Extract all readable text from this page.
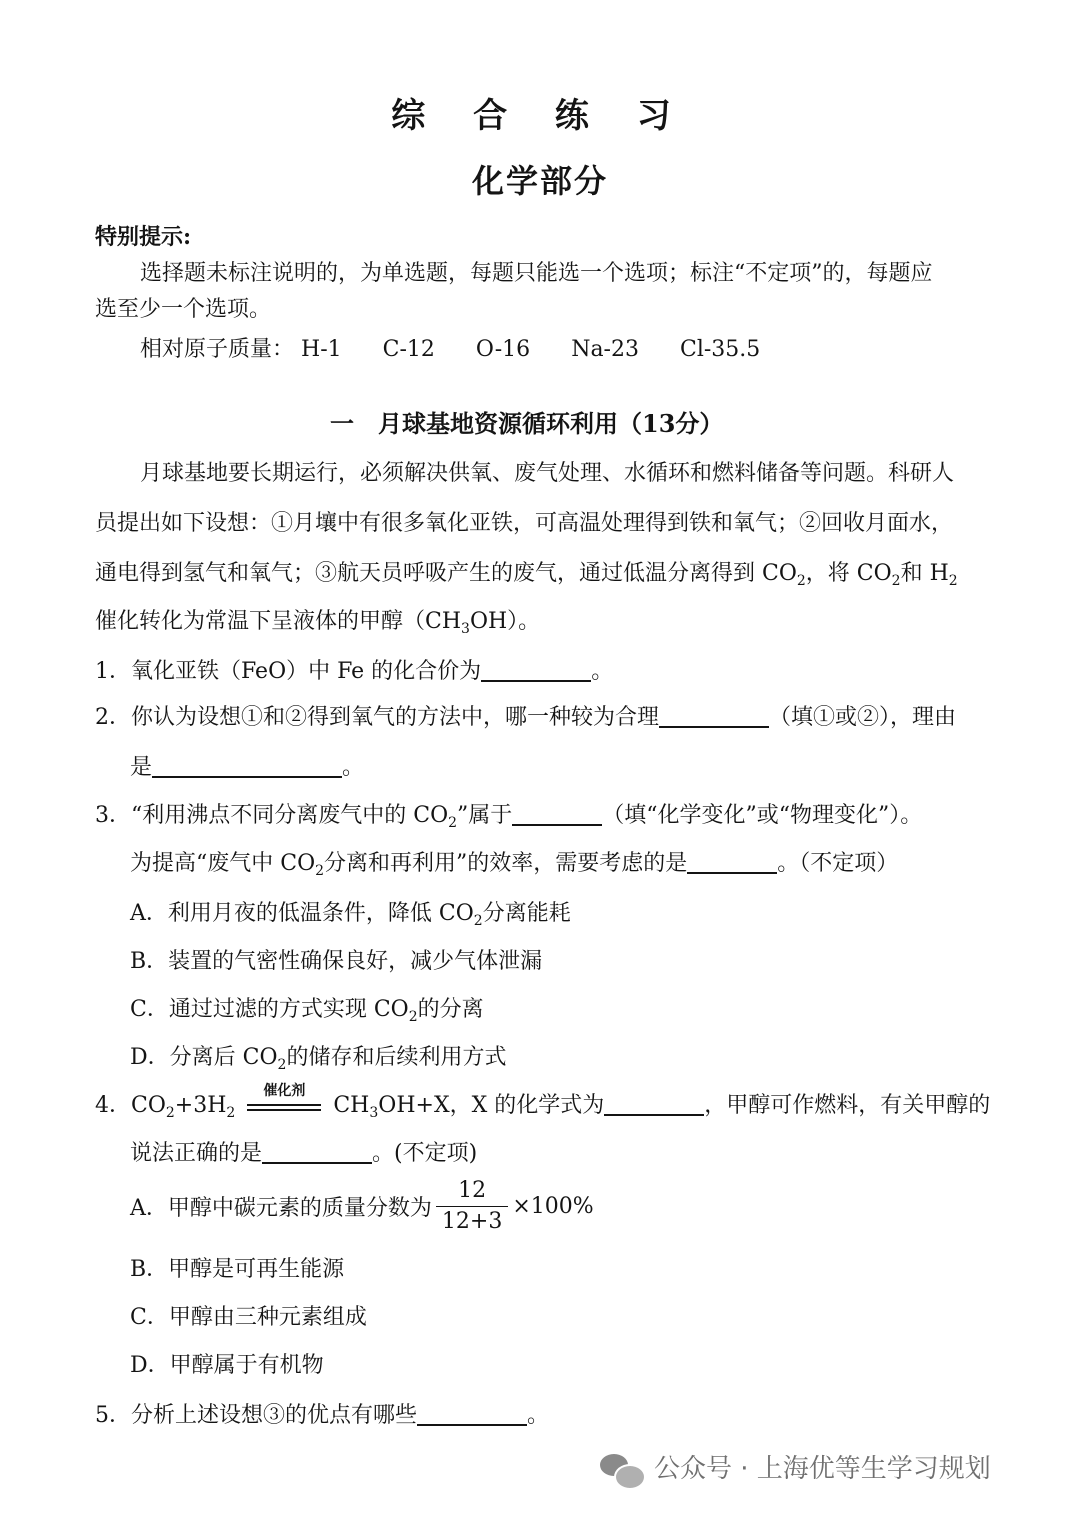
综 合 练 习
化学部分
特别提示:
选择题未标注说明的，为单选题，每题只能选一个选项；标注“不定项”的，每题应
选至少一个选项。
相对原子质量： H-1 C-12 O-16 Na-23 Cl-35.5
一　月球基地资源循环利用（13分）
月球基地要长期运行，必须解决供氧、废气处理、水循环和燃料储备等问题。科研人
员提出如下设想：①月壤中有很多氧化亚铁，可高温处理得到铁和氧气；②回收月面水，
通电得到氢气和氧气；③航天员呼吸产生的废气，通过低温分离得到 $CO_2$，将 $CO_2$和 $H_2$
催化转化为常温下呈液体的甲醇$(CH_3OH)$。
1．氧化亚铁（FeO）中 Fe 的化合价为	。
2．你认为设想①和②得到氧气的方法中，哪一种较为合理	（填①或②），理由
是	。
3．“利用沸点不同分离废气中的 $CO_2$”属于	（填“化学变化”或“物理变化”）。
为提高“废气中 $CO_2$分离和再利用”的效率，需要考虑的是	。（不定项）
A．利用月夜的低温条件，降低 $CO_2$分离能耗
B．装置的气密性确保良好，减少气体泄漏
C．通过过滤的方式实现 $CO_2$的分离
D．分离后 $CO_2$的储存和后续利用方式
4．$CO_2+3H_2$
催化剂
$CH_3OH+X$，X 的化学式为	，甲醇可作燃料，有关甲醇的
说法正确的是	。(不定项)
A．甲醇中碳元素的质量分数为 $\frac{12}{12+3} \times 100\%$
B．甲醇是可再生能源
C．甲醇由三种元素组成
D．甲醇属于有机物
5．分析上述设想③的优点有哪些	。
公众号 · 上海优等生学习规划
